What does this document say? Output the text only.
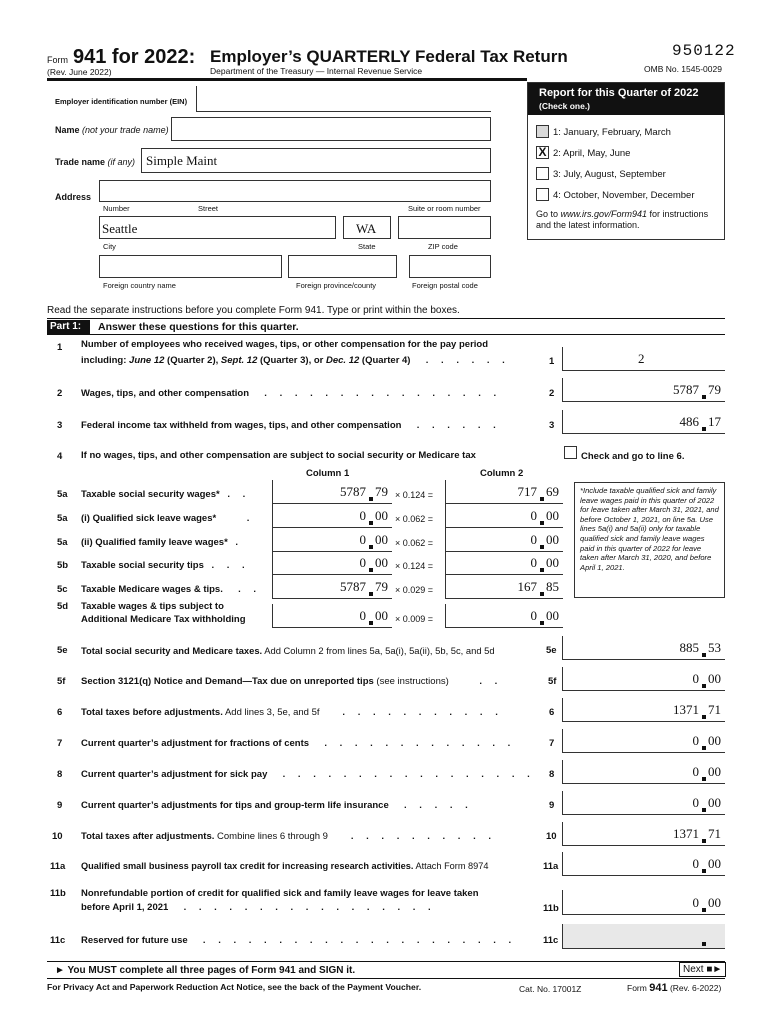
Form 941 for 2022: Employer’s QUARTERLY Federal Tax Return
(Rev. June 2022)	Department of the Treasury — Internal Revenue Service
950122
OMB No. 1545-0029
Employer identification number (EIN)
Name (not your trade name)
Trade name (if any) Simple Maint
Address
Number	Street	Suite or room number
Seattle	WA
City	State	ZIP code
Foreign country name	Foreign province/county	Foreign postal code
Report for this Quarter of 2022
(Check one.)
1: January, February, March
X 2: April, May, June
3: July, August, September
4: October, November, December
Go to www.irs.gov/Form941 for instructions and the latest information.
Read the separate instructions before you complete Form 941. Type or print within the boxes.
Part 1:	Answer these questions for this quarter.
1 Number of employees who received wages, tips, or other compensation for the pay period
including: June 12 (Quarter 2), Sept. 12 (Quarter 3), or Dec. 12 (Quarter 4)  . . . . . .	1	2
2 Wages, tips, and other compensation  . . . . . . . . . . . . . . . .	2	5787 79
3 Federal income tax withheld from wages, tips, and other compensation  . . . . . .	3	486 17
4 If no wages, tips, and other compensation are subject to social security or Medicare tax	Check and go to line 6.
Column 1	Column 2
5a Taxable social security wages* . .	5787 79 × 0.124 =	717 69
5a (i) Qualified sick leave wages*    .	0 00 × 0.062 =	0 00
5a (ii) Qualified family leave wages* .	0 00 × 0.062 =	0 00
5b Taxable social security tips . . .	0 00 × 0.124 =	0 00
5c Taxable Medicare wages & tips.  . .	5787 79 × 0.029 =	167 85
5d Taxable wages & tips subject to
Additional Medicare Tax withholding	0 00 × 0.009 =	0 00
*Include taxable qualified sick and family leave wages paid in this quarter of 2022 for leave taken after March 31, 2021, and before October 1, 2021, on line 5a. Use lines 5a(i) and 5a(ii) only for taxable qualified sick and family leave wages paid in this quarter of 2022 for leave taken after March 31, 2020, and before April 1, 2021.
5e Total social security and Medicare taxes. Add Column 2 from lines 5a, 5a(i), 5a(ii), 5b, 5c, and 5d	5e	885 53
5f Section 3121(q) Notice and Demand—Tax due on unreported tips (see instructions)    . .	5f	0 00
6 Total taxes before adjustments. Add lines 3, 5e, and 5f   . . . . . . . . . . .	6	1371 71
7 Current quarter’s adjustment for fractions of cents  . . . . . . . . . . . . .	7	0 00
8 Current quarter’s adjustment for sick pay  . . . . . . . . . . . . . . . . . 8	0 00
9 Current quarter’s adjustments for tips and group-term life insurance  . . . . .	9	0 00
10 Total taxes after adjustments. Combine lines 6 through 9   . . . . . . . . . .	10	1371 71
11a Qualified small business payroll tax credit for increasing research activities. Attach Form 8974	11a	0 00
11b Nonrefundable portion of credit for qualified sick and family leave wages for leave taken
before April 1, 2021  . . . . . . . . . . . . . . . . .	11b	0 00
11c Reserved for future use  . . . . . . . . . . . . . . . . . . . . .	11c
► You MUST complete all three pages of Form 941 and SIGN it.	Next ■►
For Privacy Act and Paperwork Reduction Act Notice, see the back of the Payment Voucher.	Cat. No. 17001Z	Form 941 (Rev. 6-2022)
